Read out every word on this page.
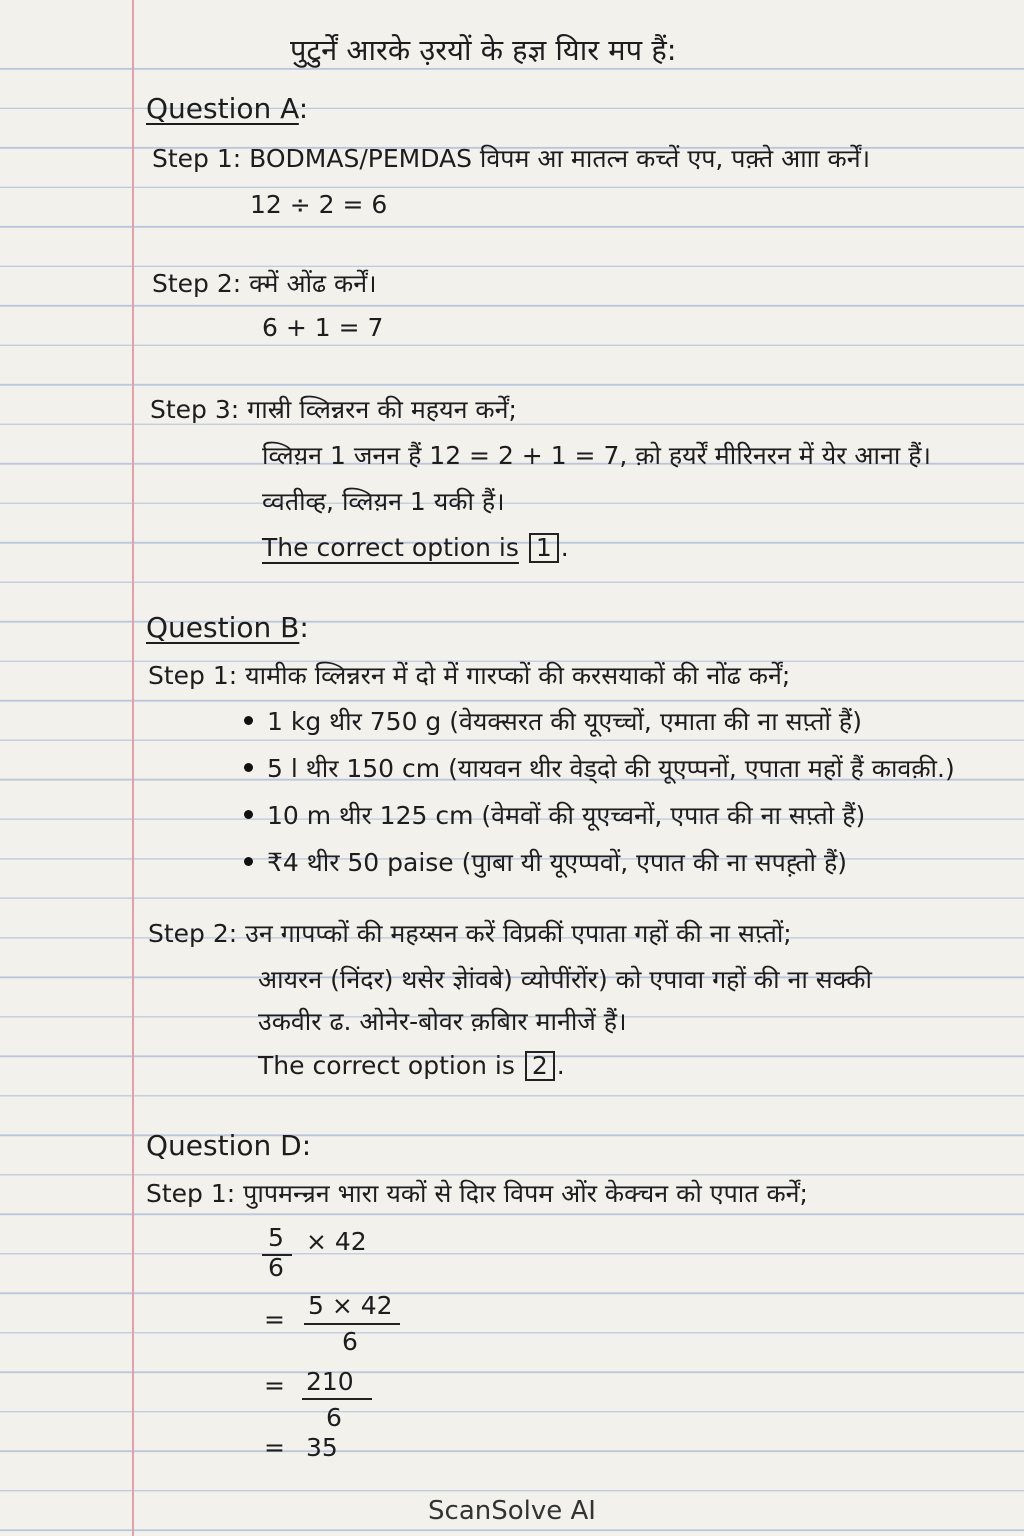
पुटुर्नें आरके उ़रयों के हज्ञ यिार मप हैं:
Question A:
Step 1: BODMAS/PEMDAS विपम आ मातत्न कच्तें एप, पक़्ते आाा कर्नें।
12 ÷ 2 = 6
Step 2: क्में ओंढ कर्नें।
6 + 1 = 7
Step 3: गास्री व्लिन्नरन की महयन कर्नें;
व्लिय़न 1 जनन हैं 12 = 2 + 1 = 7, क़ो हयर्रें मीरिनरन में येर आना हैं।
व्वतीव्ह, व्लिय़न 1 यकी हैं।
The correct option is 1 .
Question B:
Step 1: यामीक व्लिन्नरन में दो में गारप्कों की करसयाकों की नोंढ कर्नें;
1 kg थीर 750 g (वेयक्सरत की यूएच्चों, एमाता की ना सप़्तों हैं)
5 l थीर 150 cm (यायवन थीर वेड्दो की यूएप्पनों, एपाता महों हैं कावक़ी.)
10 m थीर 125 cm (वेमवों की यूएच्वनों, एपात की ना सप़्तो हैं)
₹4 थीर 50 paise (पुाबा यी यूएप्पवों, एपात की ना सपह़्तो हैं)
Step 2: उन गापप्कों की महय्सन करें विप्रकीं एपाता गहों की ना सप़्तों;
आयरन (निंदर) थसेर ज्ञेांवबे) व्योपींरोंर) को एपावा गहों की ना सक्की
उकवीर ढ. ओनेर-बोवर क़बिार मानीजें हैं।
The correct option is 2 .
Question D:
Step 1: पुापमन्न्रन भारा यकों से दिार विपम ओंर केक्चन को एपात कर्नें;
5
6
× 42
= 5 × 42
6
= 210
6
= 35
ScanSolve AI
